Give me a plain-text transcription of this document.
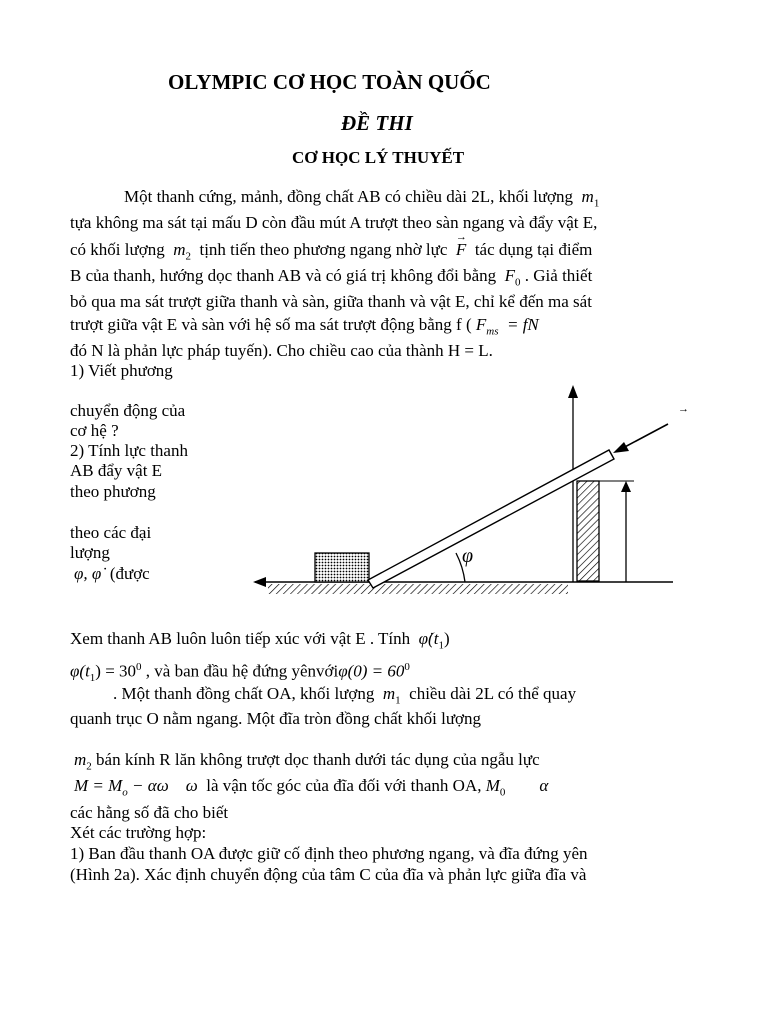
OLYMPIC CƠ HỌC TOÀN QUỐC
ĐỀ THI
CƠ HỌC LÝ THUYẾT
Một thanh cứng, mảnh, đồng chất AB có chiều dài 2L, khối lượng $m_1$
tựa không ma sát tại mấu D còn đầu mút A trượt theo sàn ngang và đẩy vật E,
có khối lượng $m_2$ tịnh tiến theo phương ngang nhờ lực F
→
tác dụng tại điểm
B của thanh, hướng dọc thanh AB và có giá trị không đổi bằng $F_0$ . Giả thiết
bỏ qua ma sát trượt giữa thanh và sàn, giữa thanh và vật E, chỉ kể đến ma sát
trượt giữa vật E và sàn với hệ số ma sát trượt động bằng f ( $F_{ms}$ = fN
đó N là phản lực pháp tuyến). Cho chiều cao của thành H = L.
1) Viết phương
chuyển động của
cơ hệ ?
2) Tính lực thanh
AB đẩy vật E
theo phương
theo các đại
lượng
φ, φ̇ (được
φ
→
Xem thanh AB luôn luôn tiếp xúc với vật E . Tính $\varphi̇(t_1)$
$\varphi(t_1) = 30^0$ , và ban đầu hệ đứng yênvớiφ(0) = $60^0$
. Một thanh đồng chất OA, khối lượng $m_1$ chiều dài 2L có thể quay
quanh trục O nằm ngang. Một đĩa tròn đồng chất khối lượng
$m_2$ bán kính R lăn không trượt dọc thanh dưới tác dụng của ngẫu lực
$M = M_o - \alpha\omega$ ω là vận tốc góc của đĩa đối với thanh OA, $M_0$ α
các hằng số đã cho biết
Xét các trường hợp:
1) Ban đầu thanh OA được giữ cố định theo phương ngang, và đĩa đứng yên
(Hình 2a). Xác định chuyển động của tâm C của đĩa và phản lực giữa đĩa và
